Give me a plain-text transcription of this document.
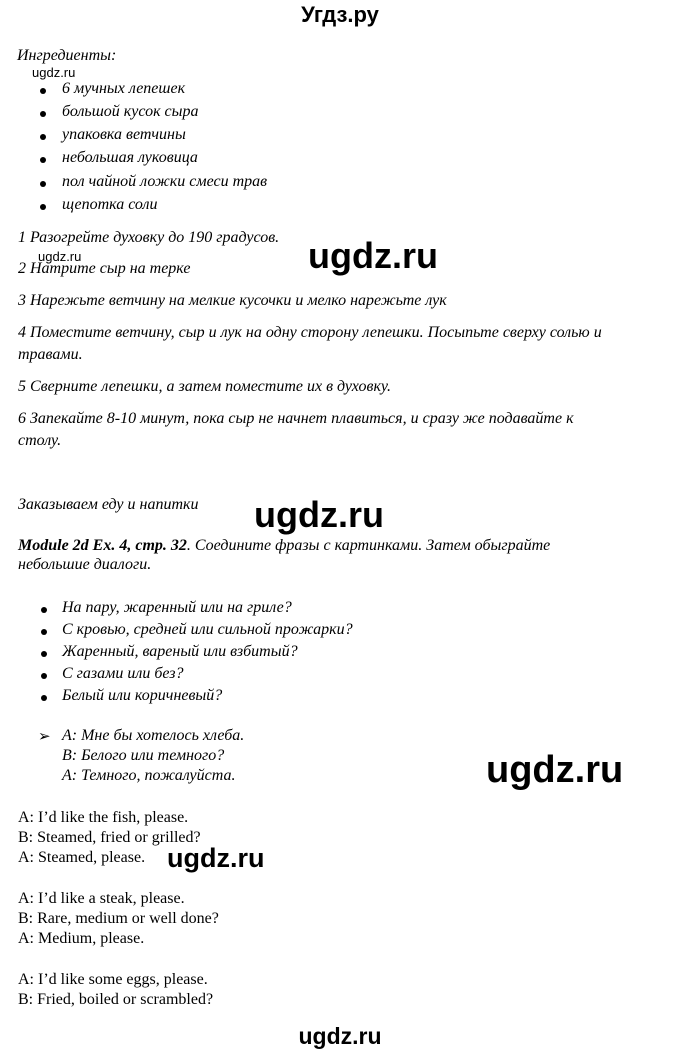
Угдз.ру
Ингредиенты:
ugdz.ru
6 мучных лепешек
большой кусок сыра
упаковка ветчины
небольшая луковица
пол чайной ложки смеси трав
щепотка соли
1 Разогрейте духовку до 190 градусов.
ugdz.ru	ugdz.ru
2 Натрите сыр на терке
3 Нарежьте ветчину на мелкие кусочки и мелко нарежьте лук
4 Поместите ветчину, сыр и лук на одну сторону лепешки. Посыпьте сверху солью и
травами.
5 Сверните лепешки, а затем поместите их в духовку.
6 Запекайте 8-10 минут, пока сыр не начнет плавиться, и сразу же подавайте к
столу.
Заказываем еду и напитки ugdz.ru
Module 2d Ex. 4, стр. 32. Соедините фразы с картинками. Затем обыграйте
небольшие диалоги.
На пару, жаренный или на гриле?
С кровью, средней или сильной прожарки?
Жаренный, вареный или взбитый?
С газами или без?
Белый или коричневый?
➢ А: Мне бы хотелось хлеба.
В: Белого или темного?
А: Темного, пожалуйста.	ugdz.ru
A: I’d like the fish, please.
B: Steamed, fried or grilled?
A: Steamed, please. ugdz.ru
A: I’d like a steak, please.
B: Rare, medium or well done?
A: Medium, please.
A: I’d like some eggs, please.
B: Fried, boiled or scrambled?
ugdz.ru
